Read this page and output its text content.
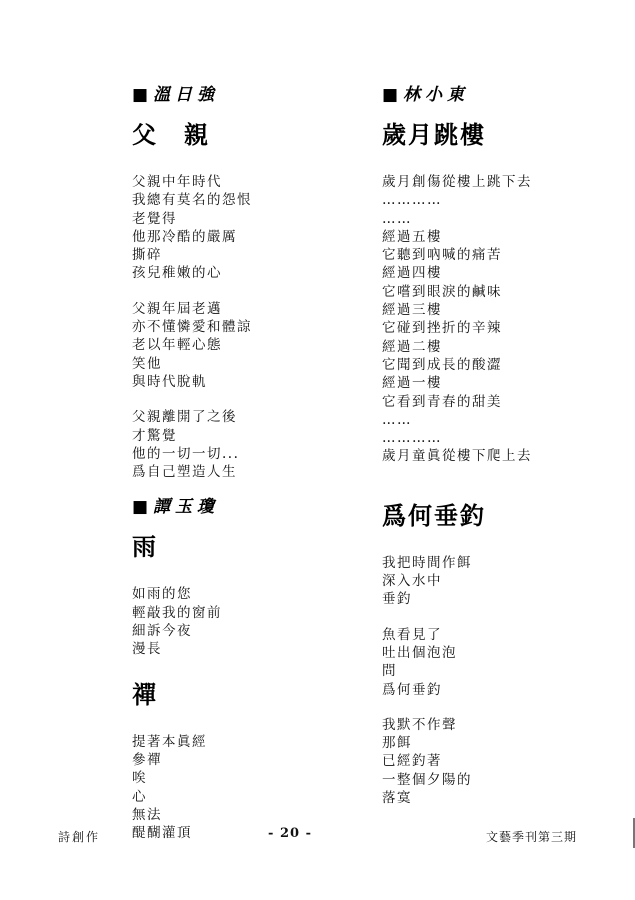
■溫日強
父　親
父親中年時代
我總有莫名的怨恨
老覺得
他那冷酷的嚴厲
撕碎
孩兒稚嫩的心
父親年屆老邁
亦不懂憐愛和體諒
老以年輕心態
笑他
與時代脫軌
父親離開了之後
才驚覺
他的一切一切...
爲自己塑造人生
■譚玉瓊
雨
如雨的您
輕敲我的窗前
細訴今夜
漫長
禪
提著本眞經
參禪
唉
心
無法
醍醐灌頂
■林小東
歲月跳樓
歲月創傷從樓上跳下去
…………
……
經過五樓
它聽到吶喊的痛苦
經過四樓
它嚐到眼淚的鹹味
經過三樓
它碰到挫折的辛辣
經過二樓
它聞到成長的酸澀
經過一樓
它看到青春的甜美
……
…………
歲月童眞從樓下爬上去
爲何垂釣
我把時間作餌
深入水中
垂釣
魚看見了
吐出個泡泡
問
爲何垂釣
我默不作聲
那餌
已經釣著
一整個夕陽的
落寞
詩創作	- 20 -	文藝季刊第三期
